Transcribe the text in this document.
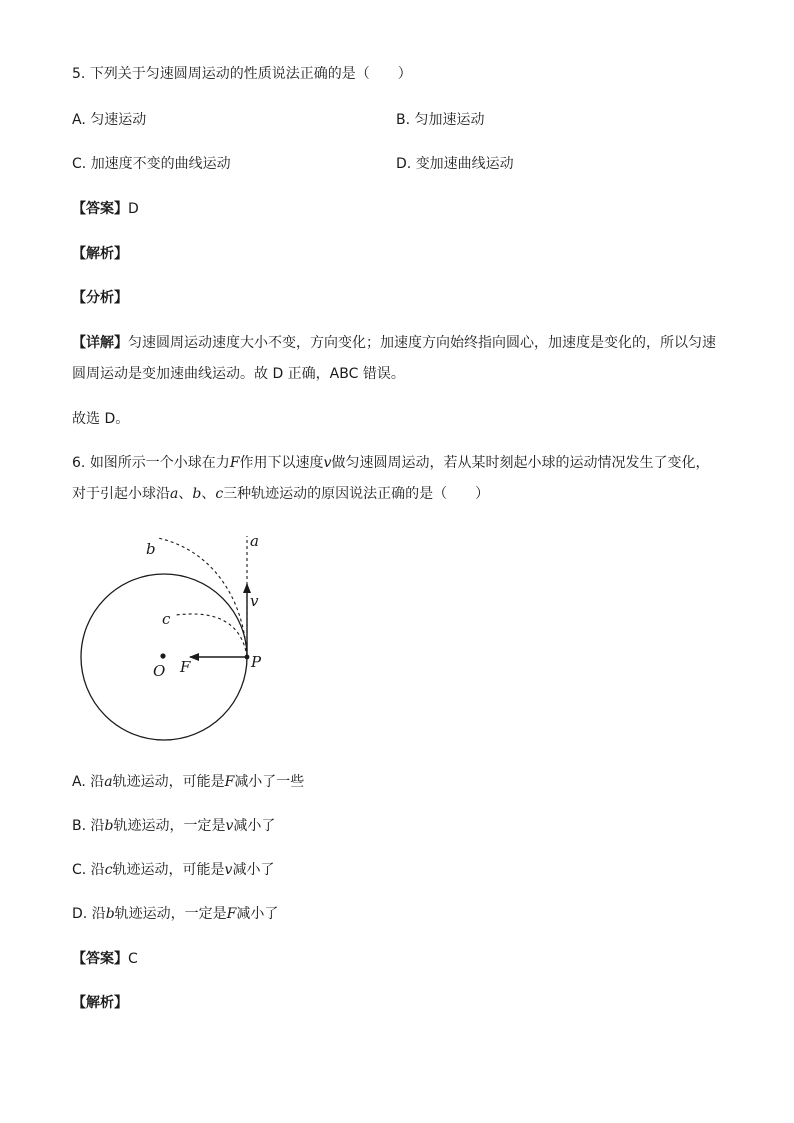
5. 下列关于匀速圆周运动的性质说法正确的是（　　）
A. 匀速运动	B. 匀加速运动
C. 加速度不变的曲线运动	D. 变加速曲线运动
【答案】D
【解析】
【分析】
【详解】匀速圆周运动速度大小不变，方向变化；加速度方向始终指向圆心，加速度是变化的，所以匀速
圆周运动是变加速曲线运动。故 D 正确，ABC 错误。
故选 D。
6. 如图所示一个小球在力F作用下以速度v做匀速圆周运动，若从某时刻起小球的运动情况发生了变化，
对于引起小球沿a、b、c三种轨迹运动的原因说法正确的是（　　）
a
b
c
v
O F	P
A. 沿a轨迹运动，可能是F减小了一些
B. 沿b轨迹运动，一定是v减小了
C. 沿c轨迹运动，可能是v减小了
D. 沿b轨迹运动，一定是F减小了
【答案】C
【解析】
